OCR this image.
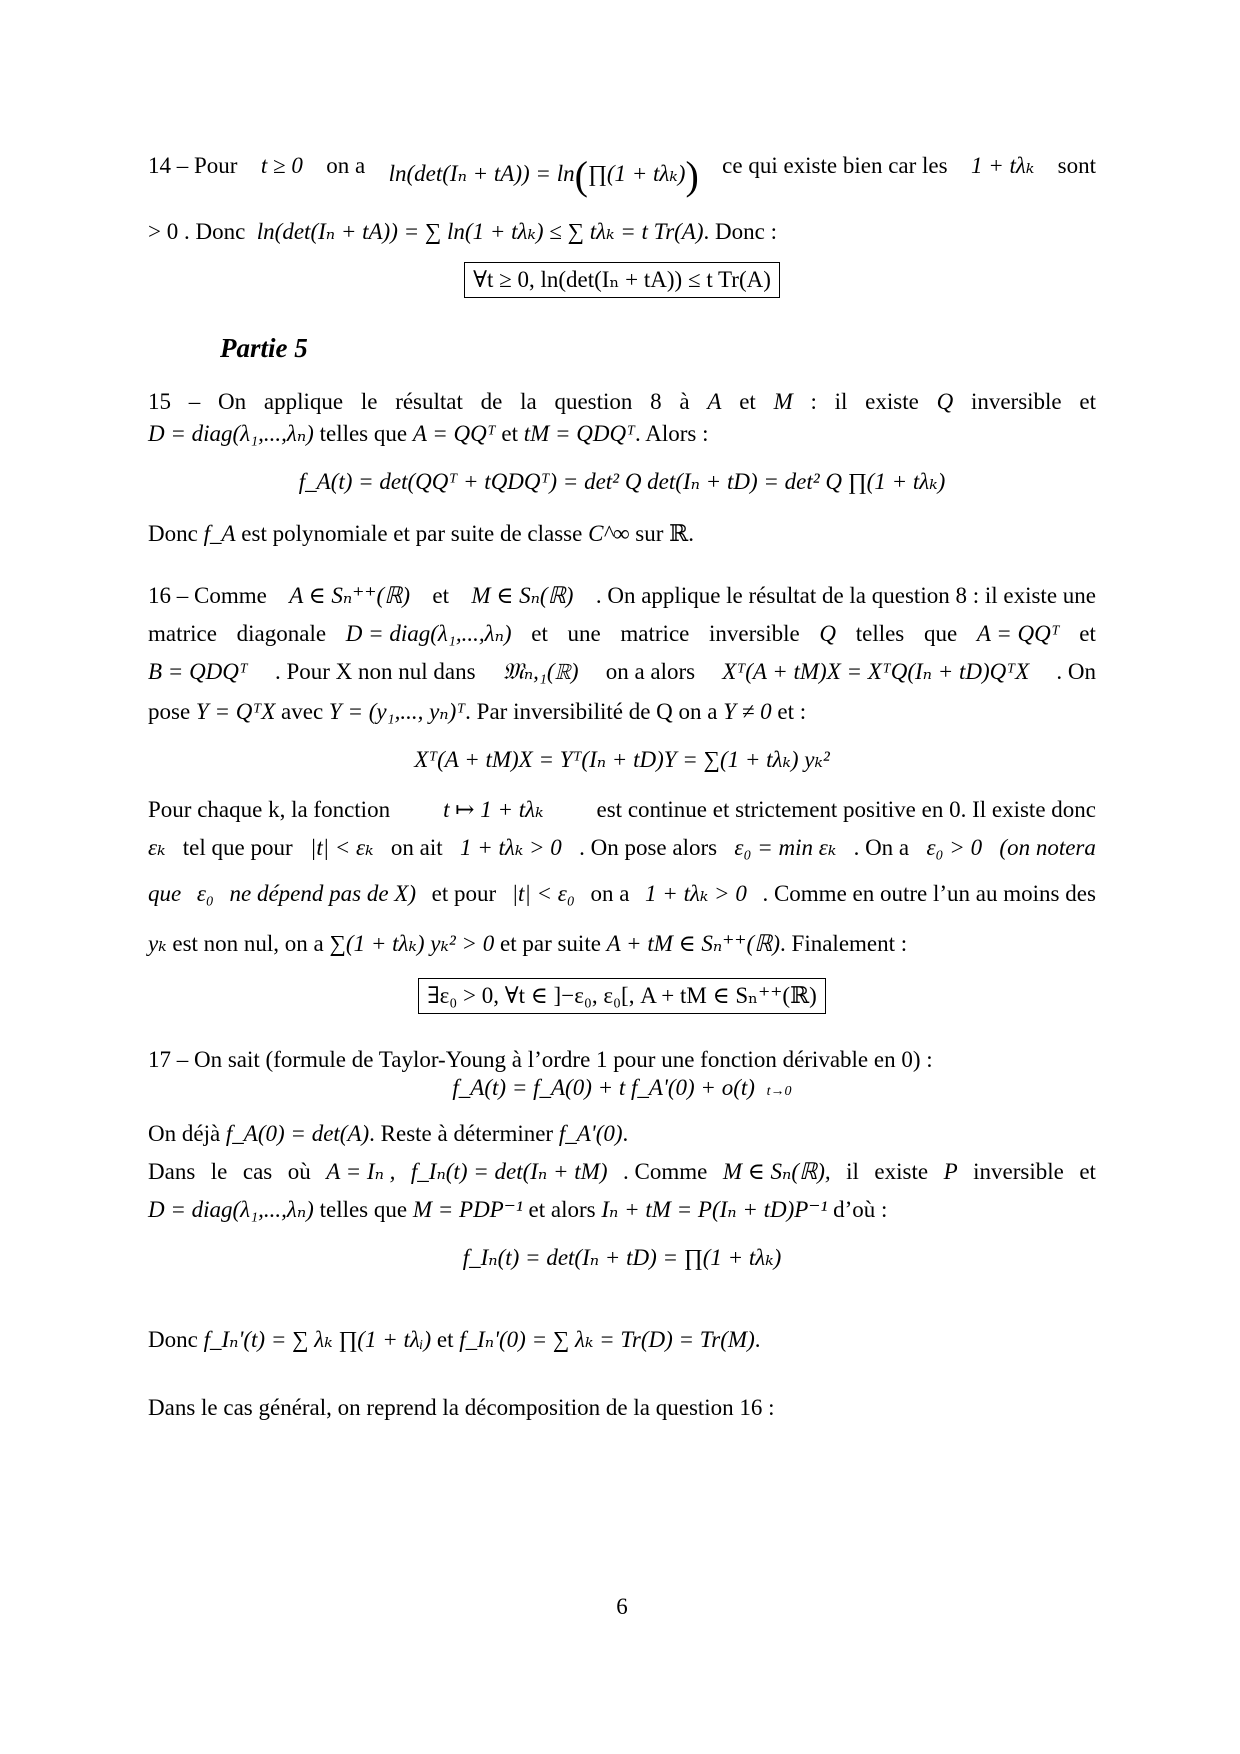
14 – Pour t ≥ 0 on a ln(det(Iₙ + tA)) = ln(∏(1 + tλₖ)) ce qui existe bien car les 1 + tλₖ sont
> 0 . Donc ln(det(Iₙ + tA)) = ∑ ln(1 + tλₖ) ≤ ∑ tλₖ = t Tr(A). Donc :
∀t ≥ 0, ln(det(Iₙ + tA)) ≤ t Tr(A)
Partie 5
15 – On applique le résultat de la question 8 à A et M : il existe Q inversible et
D = diag(λ₁,...,λₙ) telles que A = QQᵀ et tM = QDQᵀ. Alors :
f_A(t) = det(QQᵀ + tQDQᵀ) = det² Q det(Iₙ + tD) = det² Q ∏(1 + tλₖ)
Donc f_A est polynomiale et par suite de classe C^∞ sur ℝ.
16 – Comme A ∈ Sₙ⁺⁺(ℝ) et M ∈ Sₙ(ℝ) . On applique le résultat de la question 8 : il existe une
matrice diagonale D = diag(λ₁,...,λₙ) et une matrice inversible Q telles que A = QQᵀ et
B = QDQᵀ . Pour X non nul dans 𝔐ₙ,₁(ℝ) on a alors Xᵀ(A + tM)X = XᵀQ(Iₙ + tD)QᵀX . On
pose Y = QᵀX avec Y = (y₁,..., yₙ)ᵀ. Par inversibilité de Q on a Y ≠ 0 et :
Xᵀ(A + tM)X = Yᵀ(Iₙ + tD)Y = ∑(1 + tλₖ) yₖ²
Pour chaque k, la fonction t ↦ 1 + tλₖ est continue et strictement positive en 0. Il existe donc
εₖ tel que pour |t| < εₖ on ait 1 + tλₖ > 0 . On pose alors ε₀ = min εₖ . On a ε₀ > 0 (on notera
que ε₀ ne dépend pas de X) et pour |t| < ε₀ on a 1 + tλₖ > 0 . Comme en outre l’un au moins des
yₖ est non nul, on a ∑(1 + tλₖ) yₖ² > 0 et par suite A + tM ∈ Sₙ⁺⁺(ℝ). Finalement :
∃ε₀ > 0, ∀t ∈ ]−ε₀, ε₀[, A + tM ∈ Sₙ⁺⁺(ℝ)
17 – On sait (formule de Taylor-Young à l’ordre 1 pour une fonction dérivable en 0) :
f_A(t) = f_A(0) + t f_A'(0) + o(t) t→0
On déjà f_A(0) = det(A). Reste à déterminer f_A'(0).
Dans le cas où A = Iₙ , f_Iₙ(t) = det(Iₙ + tM) . Comme M ∈ Sₙ(ℝ), il existe P inversible et
D = diag(λ₁,...,λₙ) telles que M = PDP⁻¹ et alors Iₙ + tM = P(Iₙ + tD)P⁻¹ d’où :
f_Iₙ(t) = det(Iₙ + tD) = ∏(1 + tλₖ)
Donc f_Iₙ'(t) = ∑ λₖ ∏(1 + tλᵢ) et f_Iₙ'(0) = ∑ λₖ = Tr(D) = Tr(M).
Dans le cas général, on reprend la décomposition de la question 16 :
6
